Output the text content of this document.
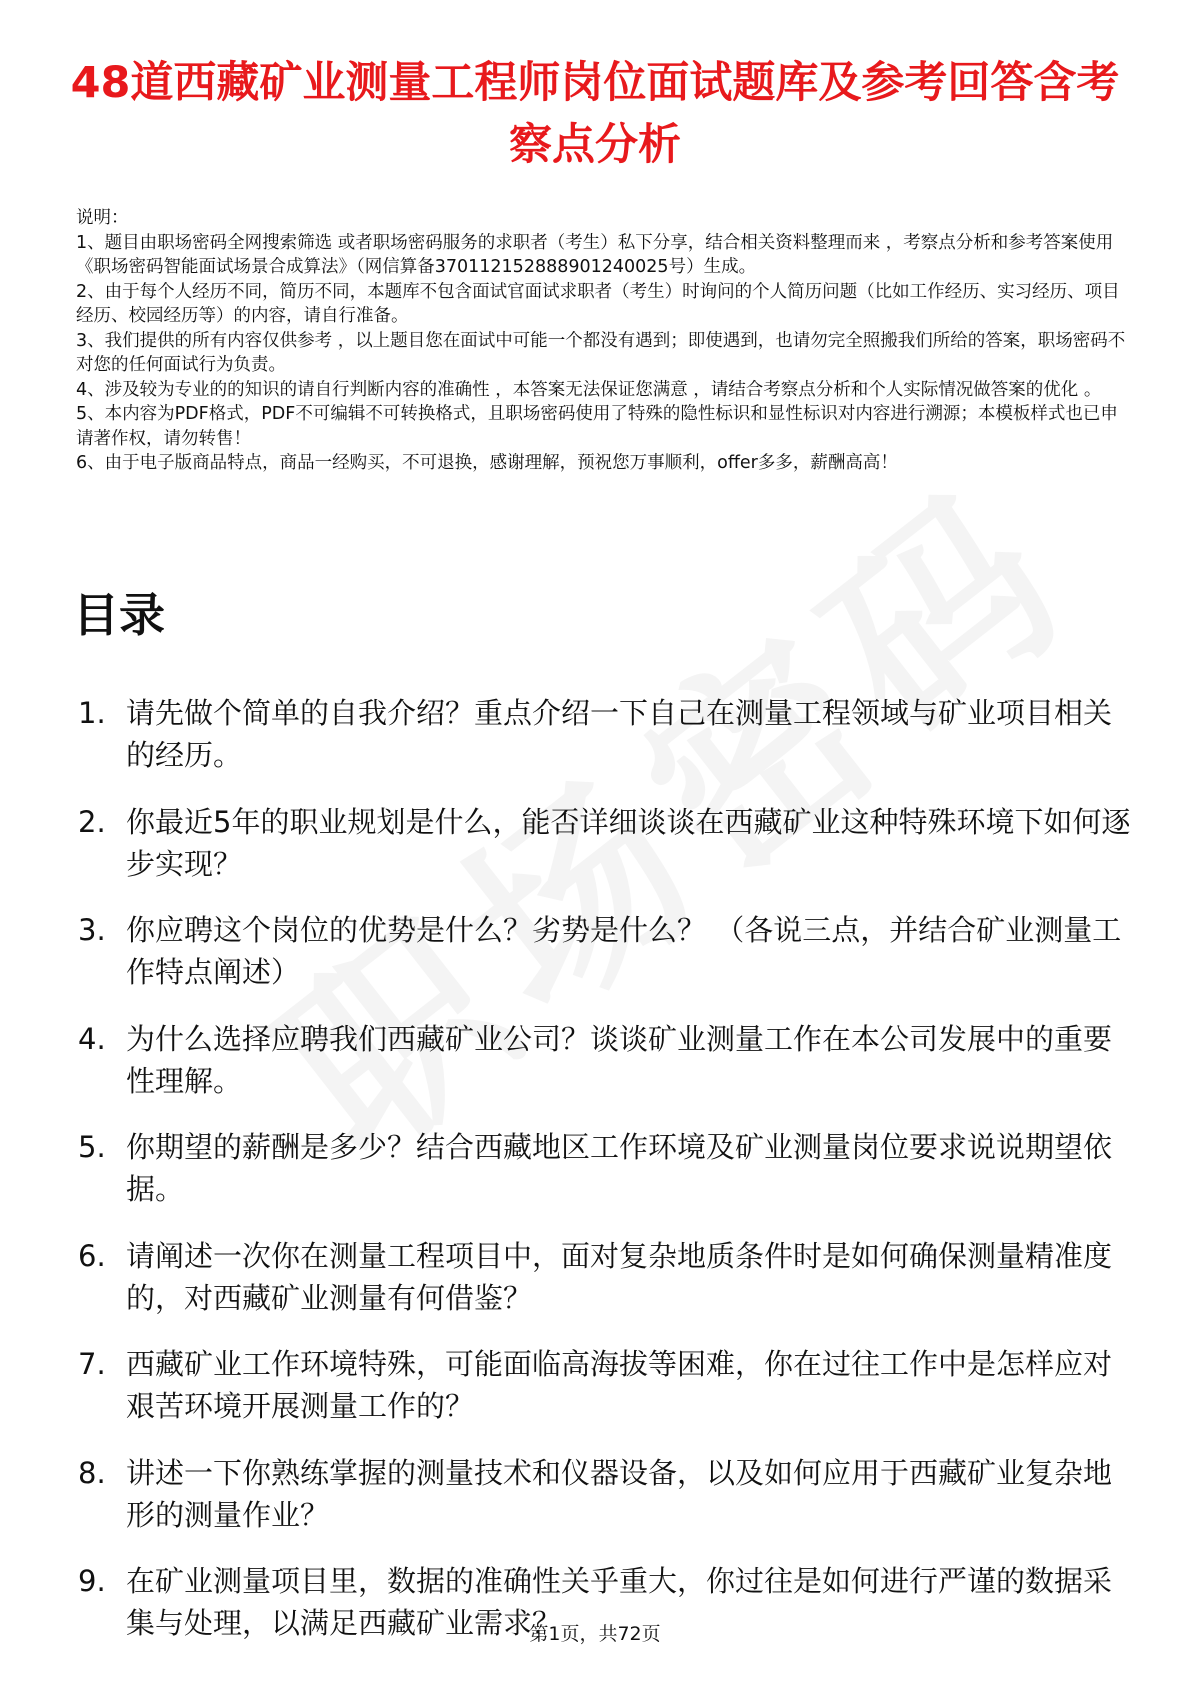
48道西藏矿业测量工程师岗位面试题库及参考回答含考察点分析

说明：

1、题目由职场密码全网搜索筛选 或者职场密码服务的求职者（考生）私下分享，结合相关资料整理而来 ，考察点分析和参考答案使用《职场密码智能面试场景合成算法》（网信算备370112152888901240025号）生成。

2、由于每个人经历不同，简历不同，本题库不包含面试官面试求职者（考生）时询问的个人简历问题（比如工作经历、实习经历、项目经历、校园经历等）的内容，请自行准备。

3、我们提供的所有内容仅供参考 ，以上题目您在面试中可能一个都没有遇到；即使遇到，也请勿完全照搬我们所给的答案，职场密码不对您的任何面试行为负责。

4、涉及较为专业的的知识的请自行判断内容的准确性 ，本答案无法保证您满意 ，请结合考察点分析和个人实际情况做答案的优化 。

5、本内容为PDF格式，PDF不可编辑不可转换格式，且职场密码使用了特殊的隐性标识和显性标识对内容进行溯源；本模板样式也已申请著作权，请勿转售！

6、由于电子版商品特点，商品一经购买，不可退换，感谢理解，预祝您万事顺利，offer多多，薪酬高高！

目录
1. 请先做个简单的自我介绍？重点介绍一下自己在测量工程领域与矿业项目相关的经历。
2. 你最近5年的职业规划是什么，能否详细谈谈在西藏矿业这种特殊环境下如何逐步实现？
3. 你应聘这个岗位的优势是什么？劣势是什么？ （各说三点，并结合矿业测量工作特点阐述）
4. 为什么选择应聘我们西藏矿业公司？谈谈矿业测量工作在本公司发展中的重要性理解。
5. 你期望的薪酬是多少？结合西藏地区工作环境及矿业测量岗位要求说说期望依据。
6. 请阐述一次你在测量工程项目中，面对复杂地质条件时是如何确保测量精准度的，对西藏矿业测量有何借鉴？
7. 西藏矿业工作环境特殊，可能面临高海拔等困难，你在过往工作中是怎样应对艰苦环境开展测量工作的？
8. 讲述一下你熟练掌握的测量技术和仪器设备，以及如何应用于西藏矿业复杂地形的测量作业？
9. 在矿业测量项目里，数据的准确性关乎重大，你过往是如何进行严谨的数据采集与处理，以满足西藏矿业需求？
第1页，共72页
